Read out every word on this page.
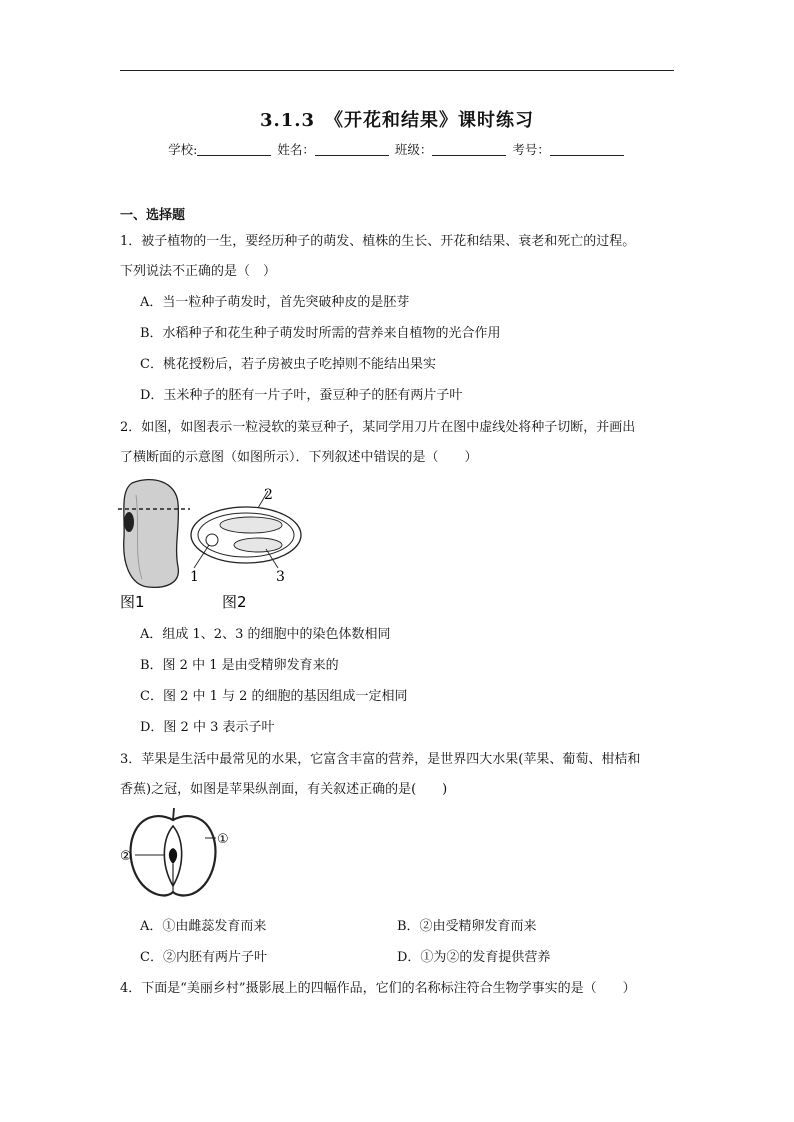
3.1.3　《开花和结果》课时练习
学校:	姓名：	班级：	考号：
一、选择题
1．被子植物的一生，要经历种子的萌发、植株的生长、开花和结果、衰老和死亡的过程。
下列说法不正确的是（　）
A．当一粒种子萌发时，首先突破种皮的是胚芽
B．水稻种子和花生种子萌发时所需的营养来自植物的光合作用
C．桃花授粉后，若子房被虫子吃掉则不能结出果实
D．玉米种子的胚有一片子叶，蚕豆种子的胚有两片子叶
2．如图，如图表示一粒浸软的菜豆种子，某同学用刀片在图中虚线处将种子切断，并画出
了横断面的示意图（如图所示）．下列叙述中错误的是（　　）
1
2
3
图1	图2
A．组成 1、2、3 的细胞中的染色体数相同
B．图 2 中 1 是由受精卵发育来的
C．图 2 中 1 与 2 的细胞的基因组成一定相同
D．图 2 中 3 表示子叶
3．苹果是生活中最常见的水果，它富含丰富的营养，是世界四大水果(苹果、葡萄、柑桔和
香蕉)之冠，如图是苹果纵剖面，有关叙述正确的是(　　)
①
②
A．①由雌蕊发育而来	B．②由受精卵发育而来
C．②内胚有两片子叶	D．①为②的发育提供营养
4．下面是“美丽乡村”摄影展上的四幅作品，它们的名称标注符合生物学事实的是（　　）
